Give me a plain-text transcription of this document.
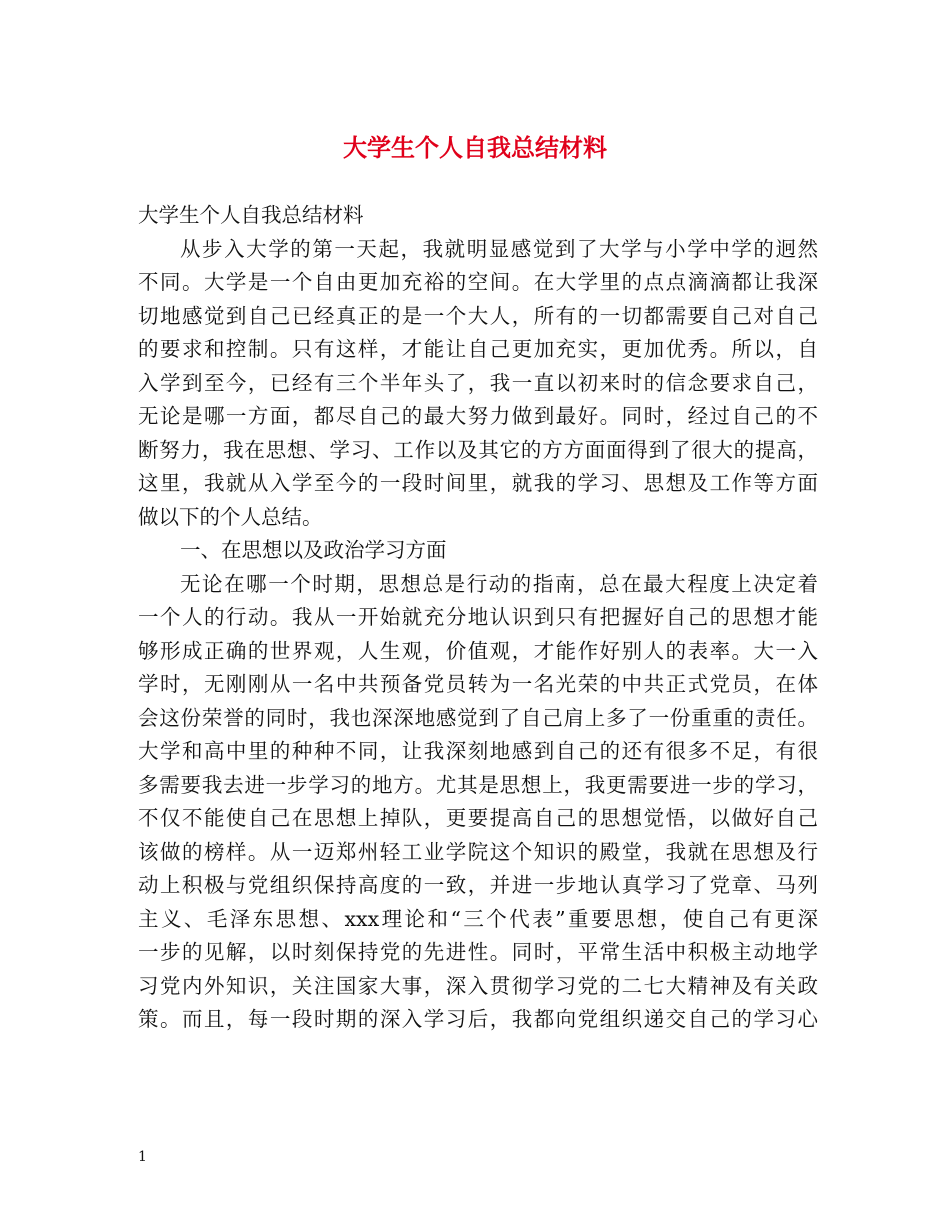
大学生个人自我总结材料
大学生个人自我总结材料
从步入大学的第一天起，我就明显感觉到了大学与小学中学的迥然
不同。大学是一个自由更加充裕的空间。在大学里的点点滴滴都让我深
切地感觉到自己已经真正的是一个大人，所有的一切都需要自己对自己
的要求和控制。只有这样，才能让自己更加充实，更加优秀。所以，自
入学到至今，已经有三个半年头了，我一直以初来时的信念要求自己，
无论是哪一方面，都尽自己的最大努力做到最好。同时，经过自己的不
断努力，我在思想、学习、工作以及其它的方方面面得到了很大的提高，
这里，我就从入学至今的一段时间里，就我的学习、思想及工作等方面
做以下的个人总结。
一、在思想以及政治学习方面
无论在哪一个时期，思想总是行动的指南，总在最大程度上决定着
一个人的行动。我从一开始就充分地认识到只有把握好自己的思想才能
够形成正确的世界观，人生观，价值观，才能作好别人的表率。大一入
学时，无刚刚从一名中共预备党员转为一名光荣的中共正式党员，在体
会这份荣誉的同时，我也深深地感觉到了自己肩上多了一份重重的责任。
大学和高中里的种种不同，让我深刻地感到自己的还有很多不足，有很
多需要我去进一步学习的地方。尤其是思想上，我更需要进一步的学习，
不仅不能使自己在思想上掉队，更要提高自己的思想觉悟，以做好自己
该做的榜样。从一迈郑州轻工业学院这个知识的殿堂，我就在思想及行
动上积极与党组织保持高度的一致，并进一步地认真学习了党章、马列
主义、毛泽东思想、xxx理论和“三个代表”重要思想，使自己有更深
一步的见解，以时刻保持党的先进性。同时，平常生活中积极主动地学
习党内外知识，关注国家大事，深入贯彻学习党的二七大精神及有关政
策。而且，每一段时期的深入学习后，我都向党组织递交自己的学习心
1
